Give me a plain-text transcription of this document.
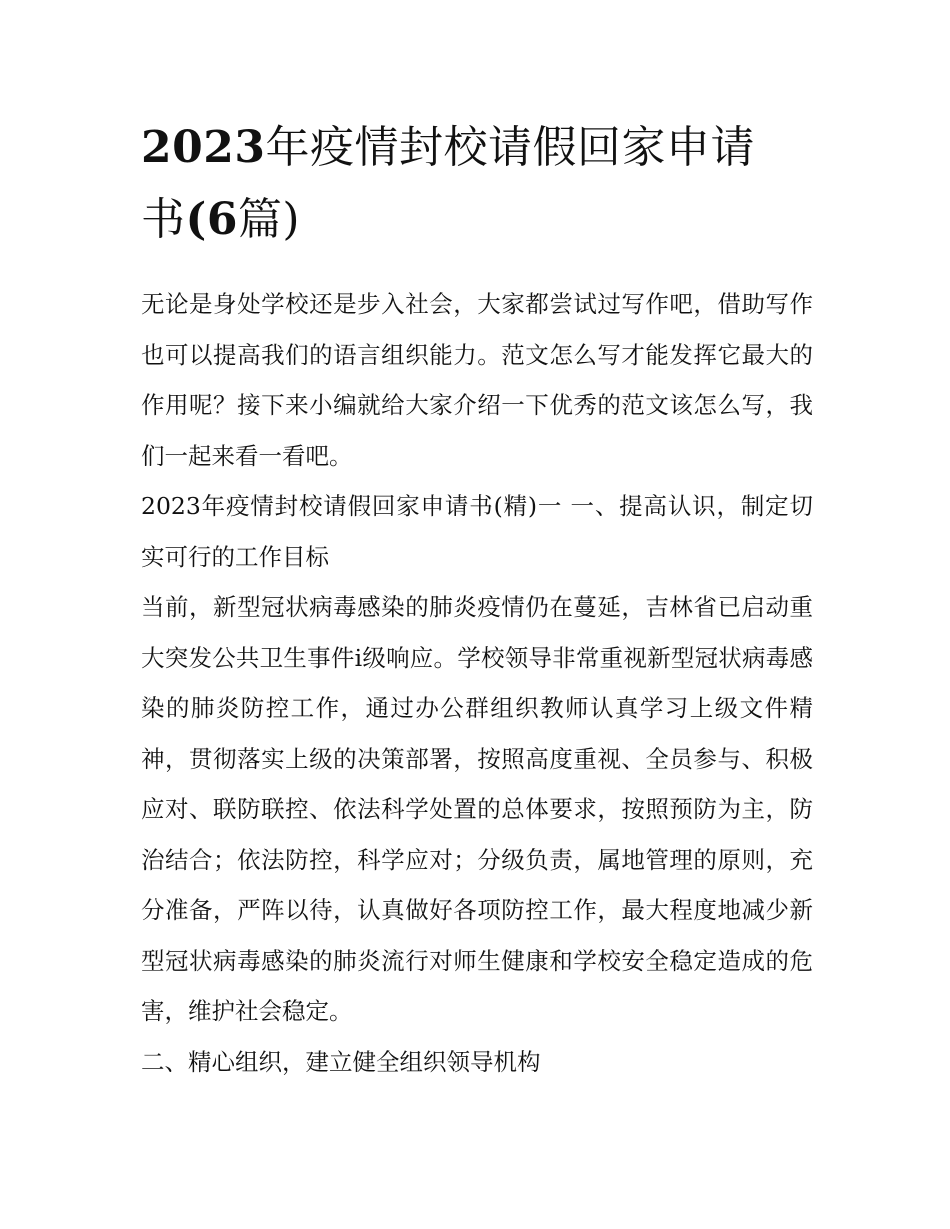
2023年疫情封校请假回家申请
书(6篇)

无论是身处学校还是步入社会，大家都尝试过写作吧，借助写作也可以提高我们的语言组织能力。范文怎么写才能发挥它最大的作用呢？接下来小编就给大家介绍一下优秀的范文该怎么写，我们一起来看一看吧。

2023年疫情封校请假回家申请书(精)一 一、提高认识，制定切实可行的工作目标

当前，新型冠状病毒感染的肺炎疫情仍在蔓延，吉林省已启动重大突发公共卫生事件i级响应。学校领导非常重视新型冠状病毒感染的肺炎防控工作，通过办公群组织教师认真学习上级文件精神，贯彻落实上级的决策部署，按照高度重视、全员参与、积极应对、联防联控、依法科学处置的总体要求，按照预防为主，防治结合；依法防控，科学应对；分级负责，属地管理的原则，充分准备，严阵以待，认真做好各项防控工作，最大程度地减少新型冠状病毒感染的肺炎流行对师生健康和学校安全稳定造成的危害，维护社会稳定。

二、精心组织，建立健全组织领导机构
